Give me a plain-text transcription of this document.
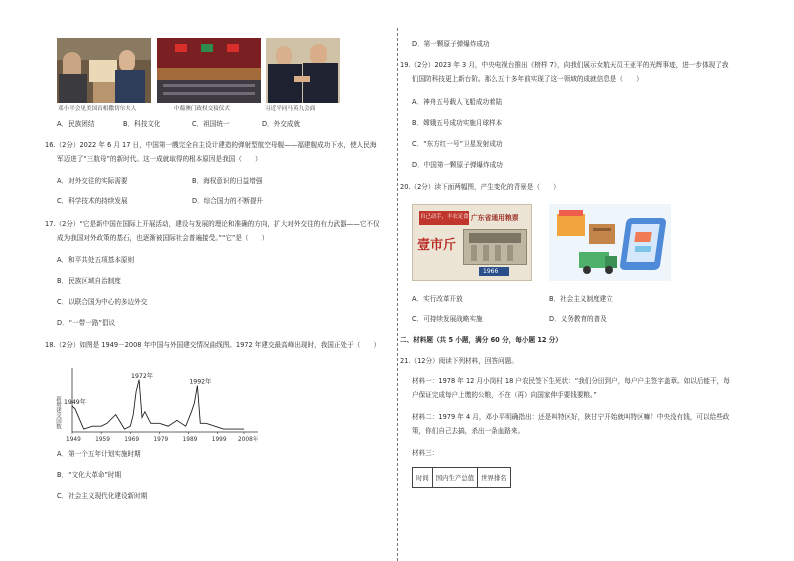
邓小平会见美国首相撒切尔夫人	中葡澳门政权交接仪式	习近平同马英九会面
A．民族团结	B．科技文化	C．祖国统一	D．外交成就
16.（2分）2022 年 6 月 17 日，中国第一艘完全自主设计建造的弹射型航空母舰——福建舰成功下水，使人民海
军迈进了“三航母”的新时代。这一成就取得的根本原因是我国（　　）
A．对外交往的实际需要	B．海权意识的日益增强
C．科学技术的持续发展	D．综合国力的不断提升
17.（2分）“它是新中国在国际上开展活动，建设与发展的理论和准确的方向，扩大对外交往的有力武器——它不仅
成为我国对外政策的基石，也逐渐被国际社会普遍接受。”“它”是（　　）
A．和平共处五项基本原则
B．民族区域自治制度
C．以联合国为中心的多边外交
D．“一带一路”倡议
18.（2分）如图是 1949－2008 年中国与外国建交情况曲线图。1972 年建交最高峰出现时，我国正处于（　　）
新增建交国数
1949 1959 1969 1979 1989 1999 2008年
1949年
1972年
1992年
A．第一个五年计划实施时期
B．“文化大革命”时期
C．社会主义现代化建设新时期
D．第一颗原子弹爆炸成功
19.（2分）2023 年 3 月，中央电视台推出《榜样 7》，向我们展示女航天员王亚平的光辉事迹，进一步体现了我
们国防科技更上新台阶。那么五十多年前实现了这一领域的成就信息是（　　）
A．神舟五号载人飞船成功着陆
B．嫦娥五号成功实施月球样本
C．“东方红一号”卫星发射成功
D．中国第一颗原子弹爆炸成功
20.（2分）读下面两幅图，产生变化的背景是（　　）
自己动手，丰衣足食 广东省通用粮票
壹市斤
1966
A．实行改革开放	B．社会主义制度建立
C．可持续发展战略实施	D．义务教育的普及
二、材料题（共 5 小题，满分 60 分，每小题 12 分）
21.（12分）阅读下列材料，回答问题。
材料一：1978 年 12 月小岗村 18 户农民签下生死状：“我们分田到户，每户户主签字盖章。如以后能干，每
户保证完成每户上缴的公粮，不在（再）向国家伸手要钱要粮。”
材料二：1979 年 4 月，邓小平明确指出：还是叫特区好，陕甘宁开始就叫特区嘛！中央没有钱，可以给些政
策，你们自己去搞，杀出一条血路来。
材料三：
时间	国内生产总值	世界排名
